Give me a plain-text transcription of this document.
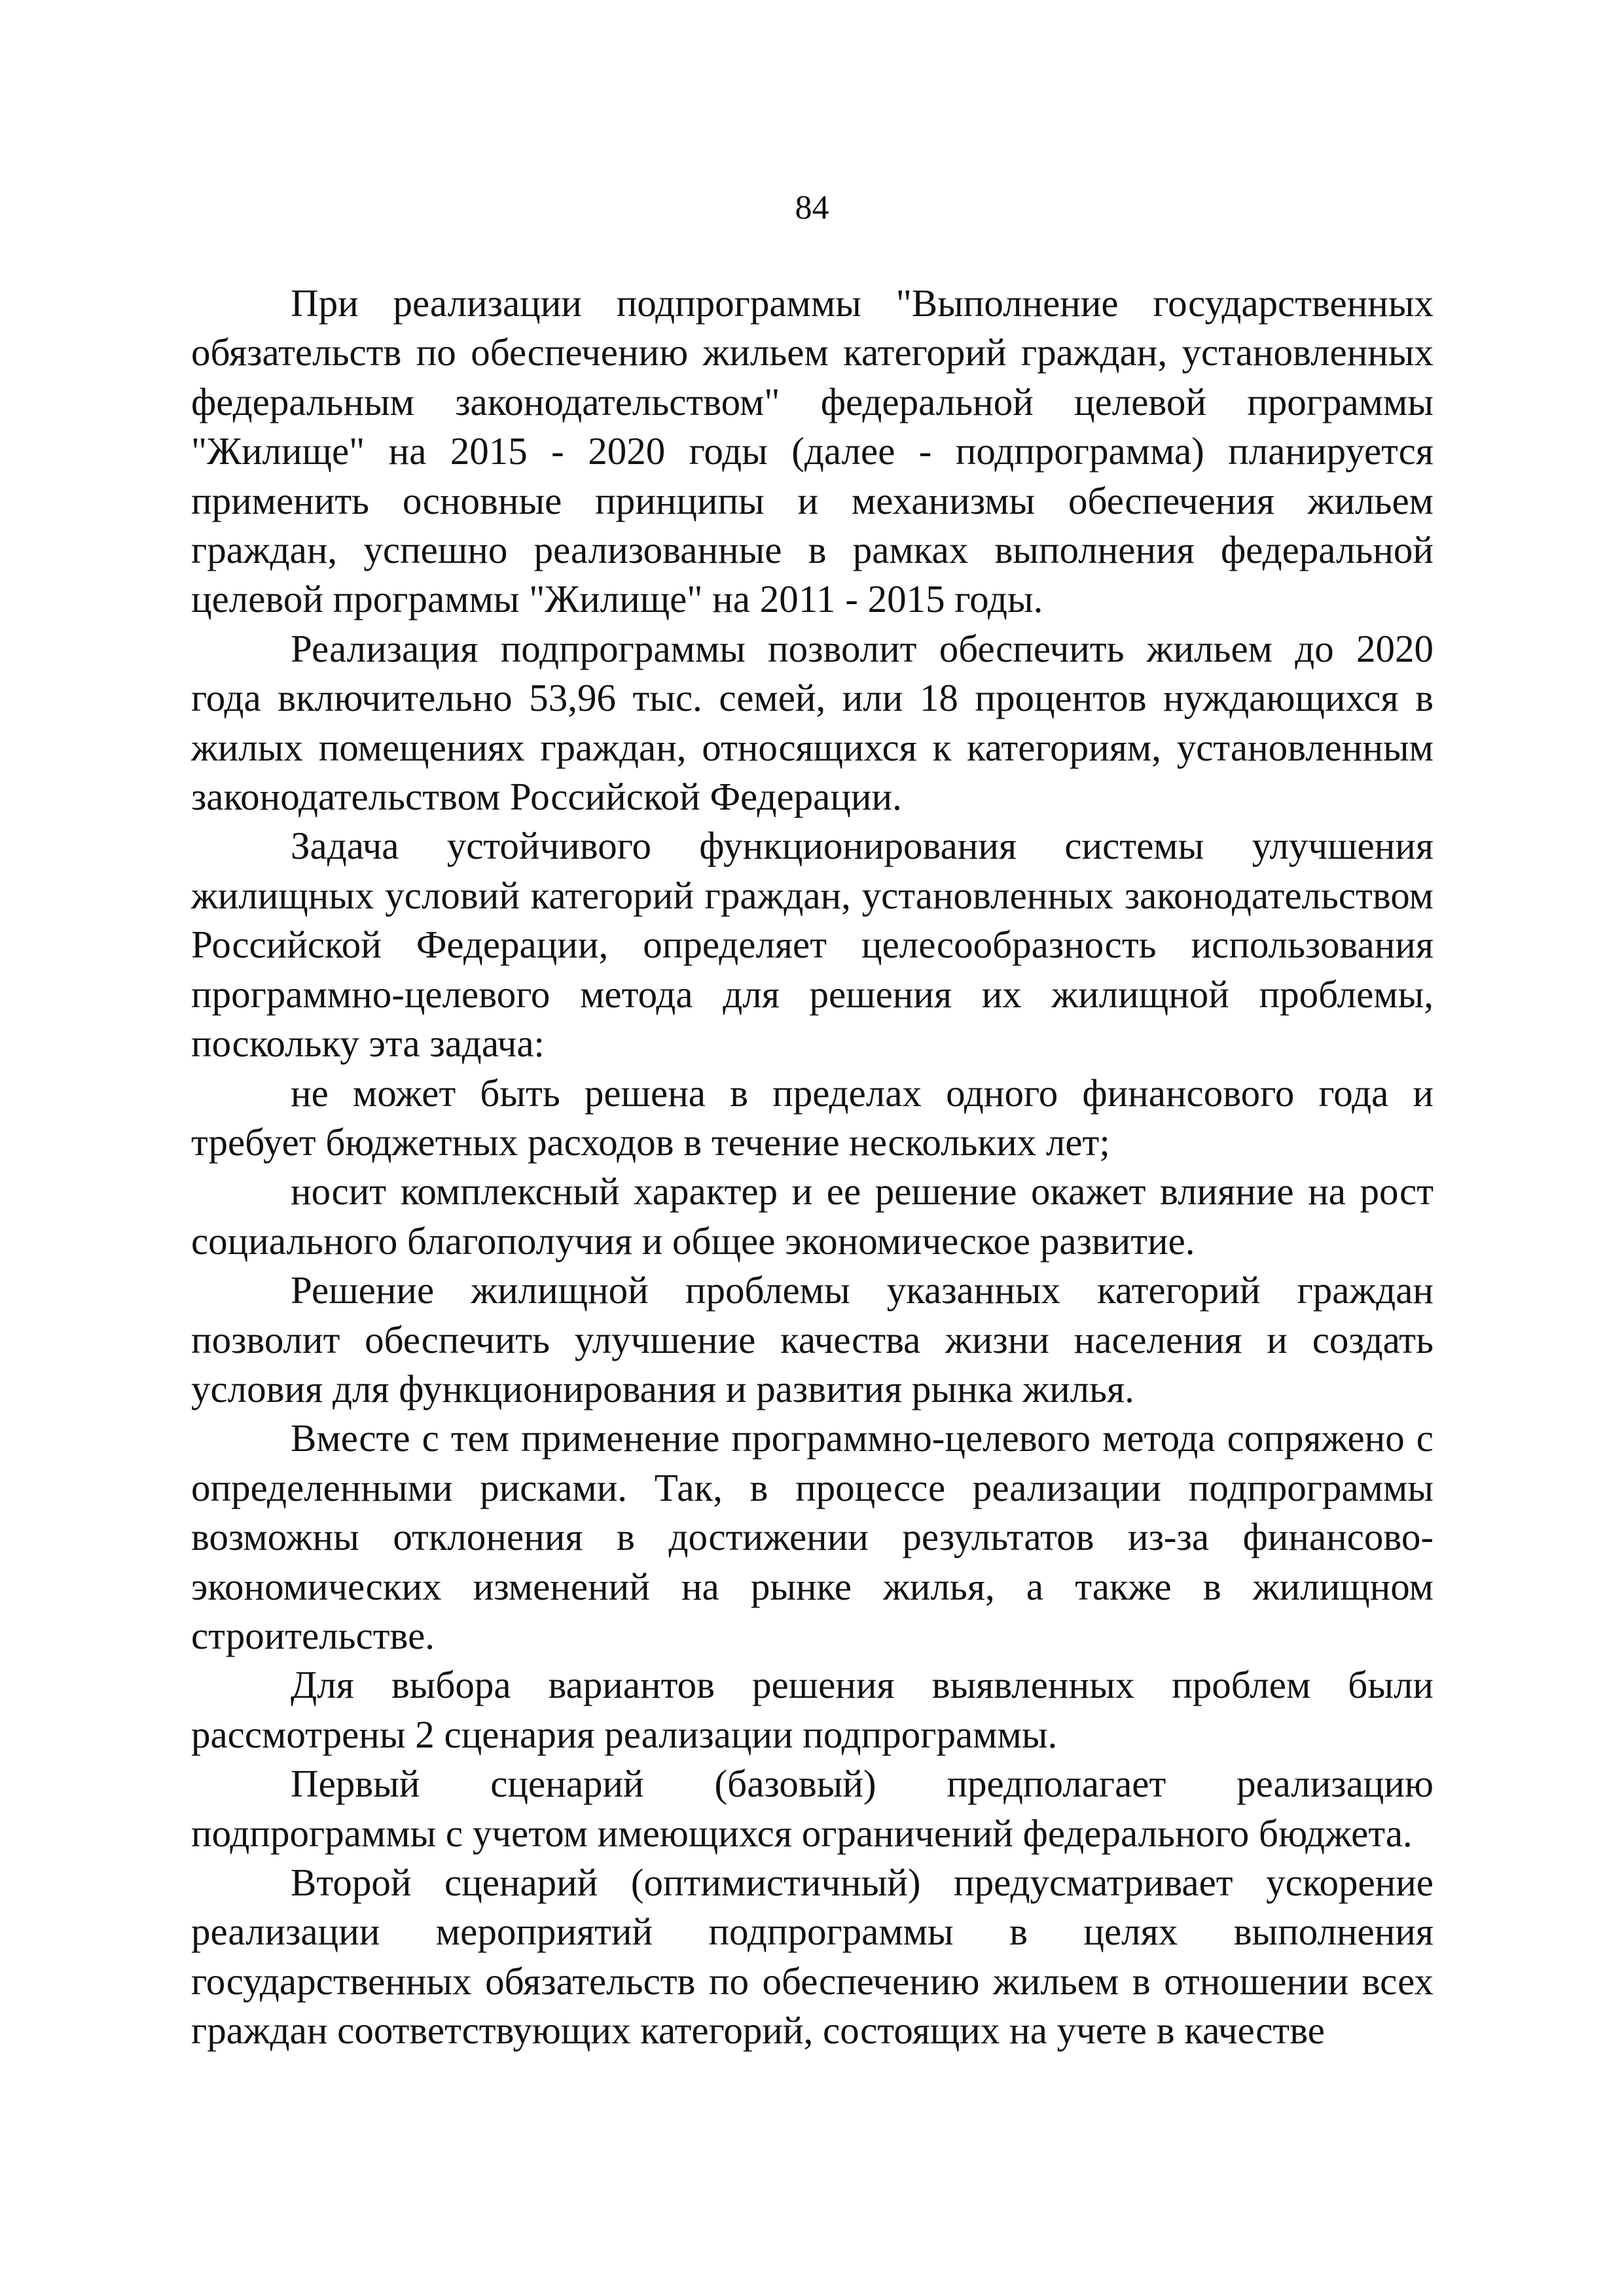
84

При реализации подпрограммы "Выполнение государственных обязательств по обеспечению жильем категорий граждан, установленных федеральным законодательством" федеральной целевой программы "Жилище" на 2015 - 2020 годы (далее - подпрограмма) планируется применить основные принципы и механизмы обеспечения жильем граждан, успешно реализованные в рамках выполнения федеральной целевой программы "Жилище" на 2011 - 2015 годы.

Реализация подпрограммы позволит обеспечить жильем до 2020 года включительно 53,96 тыс. семей, или 18 процентов нуждающихся в жилых помещениях граждан, относящихся к категориям, установленным законодательством Российской Федерации.

Задача устойчивого функционирования системы улучшения жилищных условий категорий граждан, установленных законодательством Российской Федерации, определяет целесообразность использования программно-целевого метода для решения их жилищной проблемы, поскольку эта задача:

не может быть решена в пределах одного финансового года и требует бюджетных расходов в течение нескольких лет;

носит комплексный характер и ее решение окажет влияние на рост социального благополучия и общее экономическое развитие.

Решение жилищной проблемы указанных категорий граждан позволит обеспечить улучшение качества жизни населения и создать условия для функционирования и развития рынка жилья.

Вместе с тем применение программно-целевого метода сопряжено с определенными рисками. Так, в процессе реализации подпрограммы возможны отклонения в достижении результатов из-за финансово-экономических изменений на рынке жилья, а также в жилищном строительстве.

Для выбора вариантов решения выявленных проблем были рассмотрены 2 сценария реализации подпрограммы.

Первый сценарий (базовый) предполагает реализацию подпрограммы с учетом имеющихся ограничений федерального бюджета.

Второй сценарий (оптимистичный) предусматривает ускорение реализации мероприятий подпрограммы в целях выполнения государственных обязательств по обеспечению жильем в отношении всех граждан соответствующих категорий, состоящих на учете в качестве
